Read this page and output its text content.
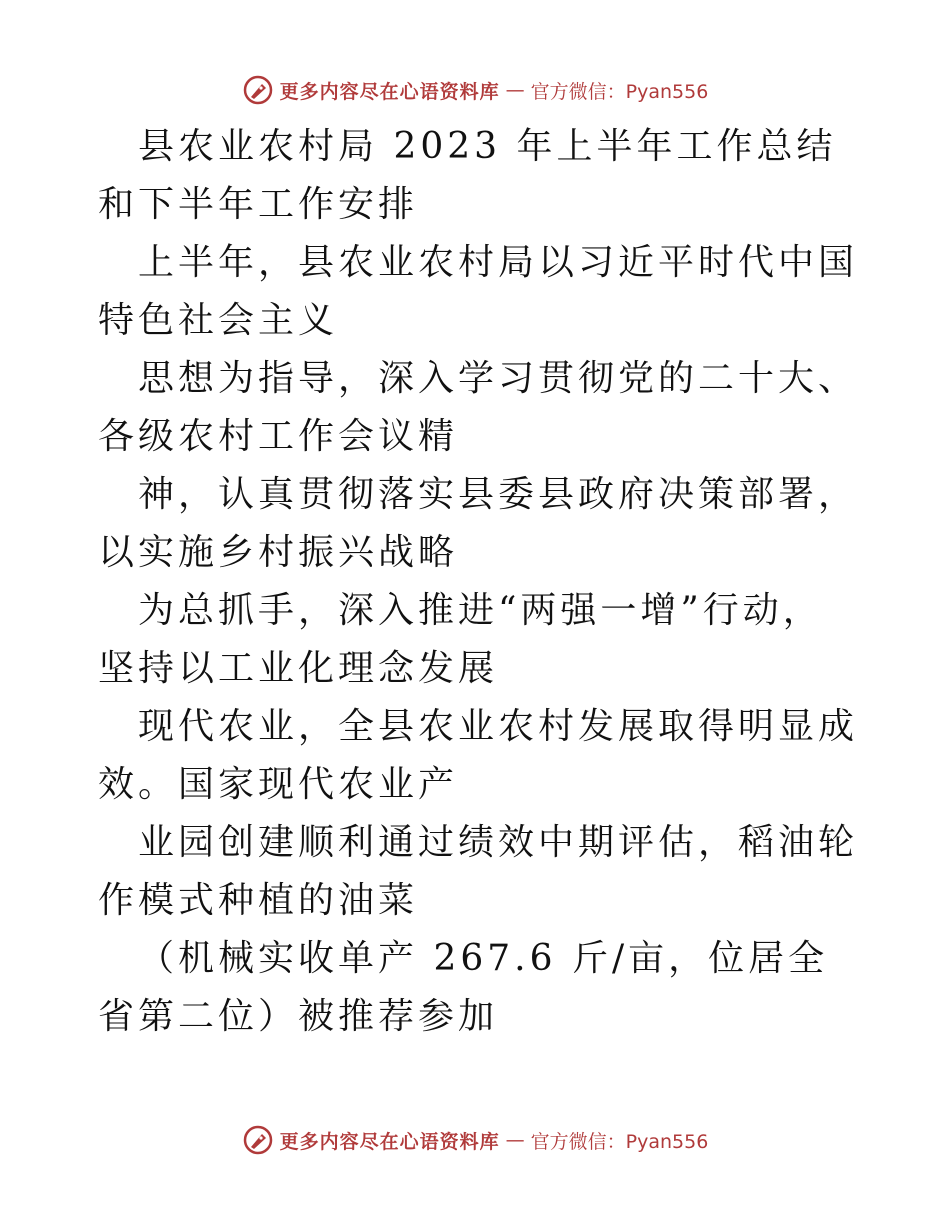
更多内容尽在心语资料库 — 官方微信：Pyan556

县农业农村局 2023 年上半年工作总结和下半年工作安排

上半年，县农业农村局以习近平时代中国特色社会主义

思想为指导，深入学习贯彻党的二十大、各级农村工作会议精

神，认真贯彻落实县委县政府决策部署，以实施乡村振兴战略

为总抓手，深入推进“两强一增”行动，坚持以工业化理念发展

现代农业，全县农业农村发展取得明显成效。国家现代农业产

业园创建顺利通过绩效中期评估，稻油轮作模式种植的油菜

（机械实收单产 267.6 斤/亩，位居全省第二位）被推荐参加

更多内容尽在心语资料库 — 官方微信：Pyan556
